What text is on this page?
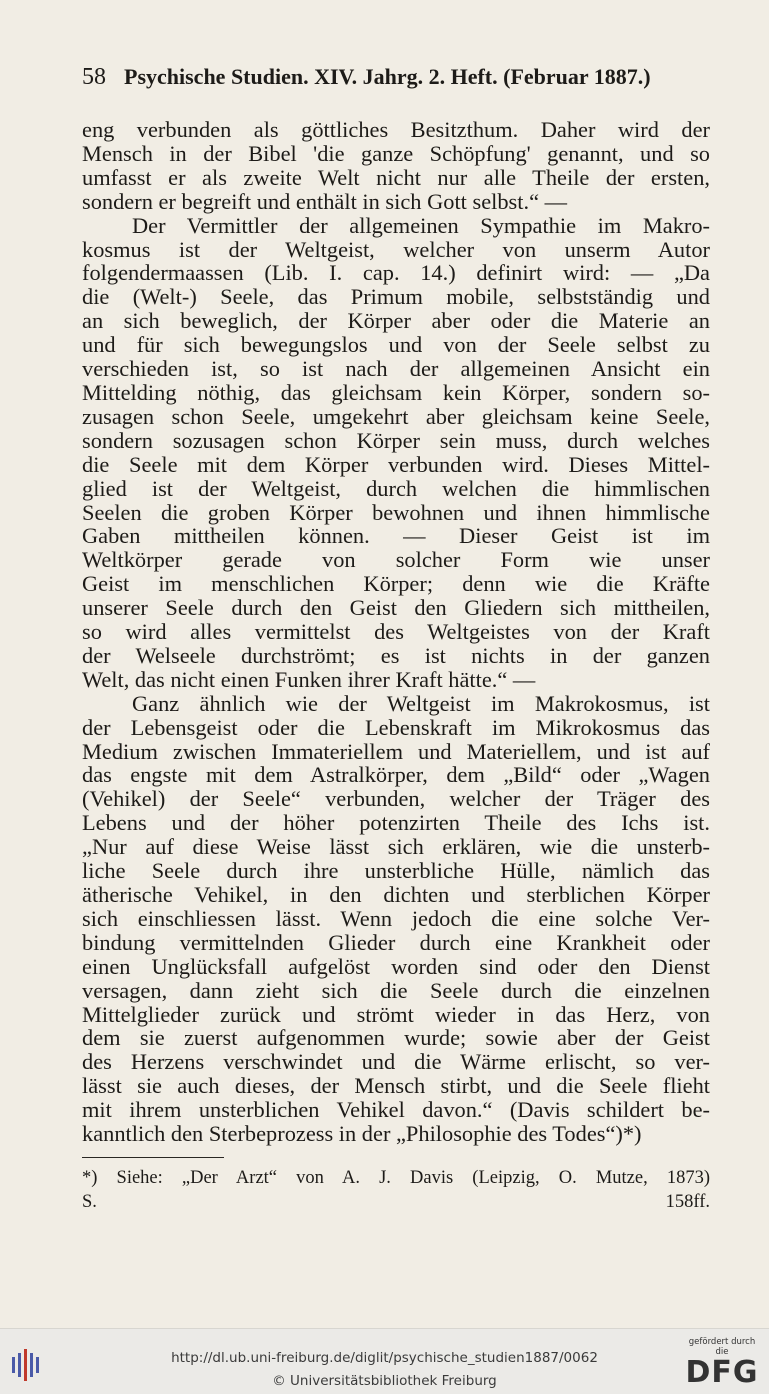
58 Psychische Studien. XIV. Jahrg. 2. Heft. (Februar 1887.)
eng verbunden als göttliches Besitzthum. Daher wird der
Mensch in der Bibel 'die ganze Schöpfung' genannt, und so
umfasst er als zweite Welt nicht nur alle Theile der ersten,
sondern er begreift und enthält in sich Gott selbst.“ —
Der Vermittler der allgemeinen Sympathie im Makro-
kosmus ist der Weltgeist, welcher von unserm Autor
folgendermaassen (Lib. I. cap. 14.) definirt wird: — „Da
die (Welt-) Seele, das Primum mobile, selbstständig und
an sich beweglich, der Körper aber oder die Materie an
und für sich bewegungslos und von der Seele selbst zu
verschieden ist, so ist nach der allgemeinen Ansicht ein
Mittelding nöthig, das gleichsam kein Körper, sondern so-
zusagen schon Seele, umgekehrt aber gleichsam keine Seele,
sondern sozusagen schon Körper sein muss, durch welches
die Seele mit dem Körper verbunden wird. Dieses Mittel-
glied ist der Weltgeist, durch welchen die himmlischen
Seelen die groben Körper bewohnen und ihnen himmlische
Gaben mittheilen können. — Dieser Geist ist im
Weltkörper gerade von solcher Form wie unser
Geist im menschlichen Körper; denn wie die Kräfte
unserer Seele durch den Geist den Gliedern sich mittheilen,
so wird alles vermittelst des Weltgeistes von der Kraft
der Welseele durchströmt; es ist nichts in der ganzen
Welt, das nicht einen Funken ihrer Kraft hätte.“ —
Ganz ähnlich wie der Weltgeist im Makrokosmus, ist
der Lebensgeist oder die Lebenskraft im Mikrokosmus das
Medium zwischen Immateriellem und Materiellem, und ist auf
das engste mit dem Astralkörper, dem „Bild“ oder „Wagen
(Vehikel) der Seele“ verbunden, welcher der Träger des
Lebens und der höher potenzirten Theile des Ichs ist.
„Nur auf diese Weise lässt sich erklären, wie die unsterb-
liche Seele durch ihre unsterbliche Hülle, nämlich das
ätherische Vehikel, in den dichten und sterblichen Körper
sich einschliessen lässt. Wenn jedoch die eine solche Ver-
bindung vermittelnden Glieder durch eine Krankheit oder
einen Unglücksfall aufgelöst worden sind oder den Dienst
versagen, dann zieht sich die Seele durch die einzelnen
Mittelglieder zurück und strömt wieder in das Herz, von
dem sie zuerst aufgenommen wurde; sowie aber der Geist
des Herzens verschwindet und die Wärme erlischt, so ver-
lässt sie auch dieses, der Mensch stirbt, und die Seele flieht
mit ihrem unsterblichen Vehikel davon.“ (Davis schildert be-
kanntlich den Sterbeprozess in der „Philosophie des Todes“)*)
*) Siehe: „Der Arzt“ von A. J. Davis (Leipzig, O. Mutze, 1873)
S. 158ff.
http://dl.ub.uni-freiburg.de/diglit/psychische_studien1887/0062
© Universitätsbibliothek Freiburg
gefördert durch die
DFG
